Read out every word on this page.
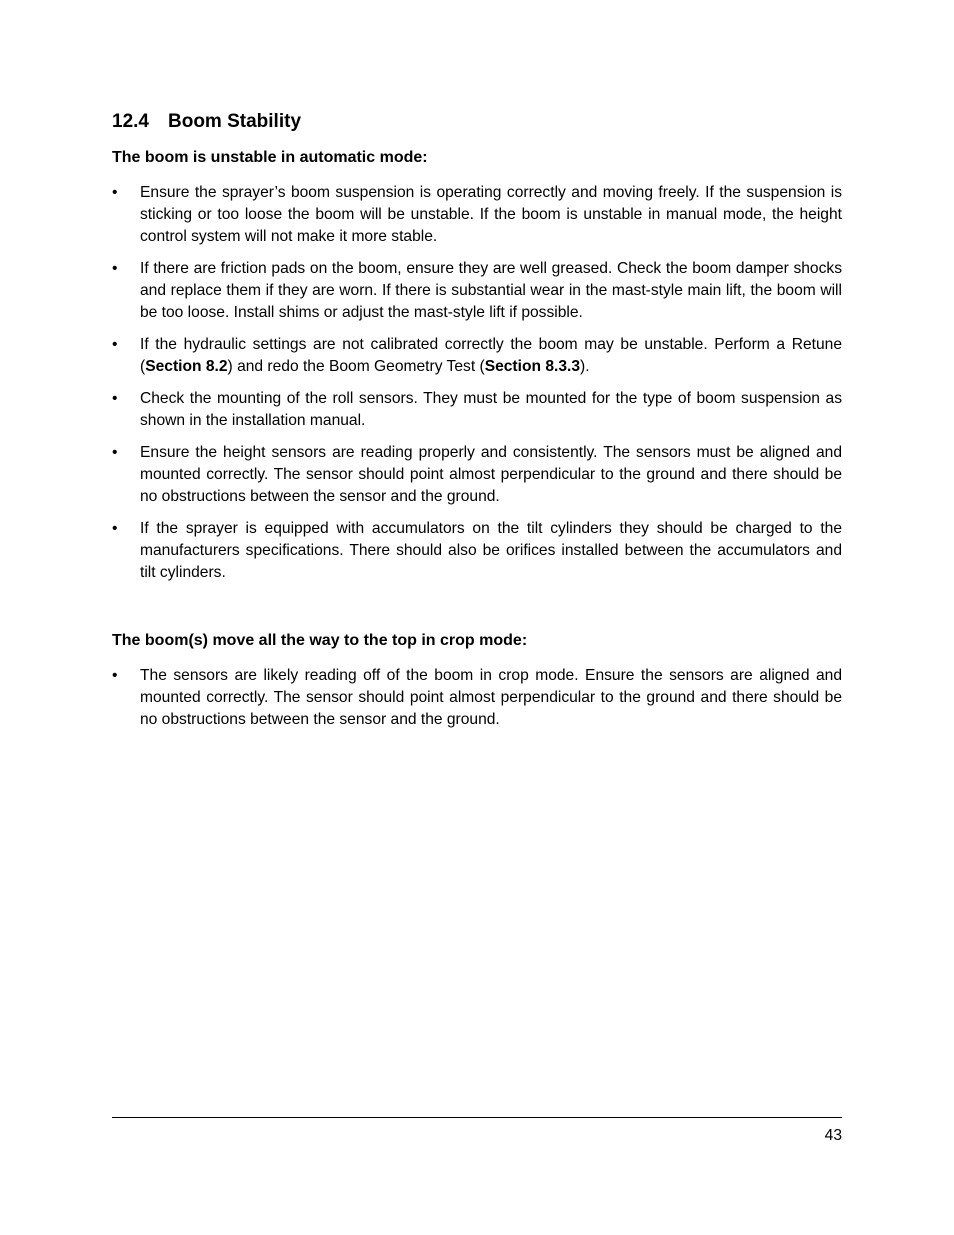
12.4 Boom Stability

The boom is unstable in automatic mode:

• Ensure the sprayer’s boom suspension is operating correctly and moving freely. If the suspension is sticking or too loose the boom will be unstable. If the boom is unstable in manual mode, the height control system will not make it more stable.
• If there are friction pads on the boom, ensure they are well greased. Check the boom damper shocks and replace them if they are worn. If there is substantial wear in the mast-style main lift, the boom will be too loose. Install shims or adjust the mast-style lift if possible.
• If the hydraulic settings are not calibrated correctly the boom may be unstable. Perform a Retune (Section 8.2) and redo the Boom Geometry Test (Section 8.3.3).
• Check the mounting of the roll sensors. They must be mounted for the type of boom suspension as shown in the installation manual.
• Ensure the height sensors are reading properly and consistently. The sensors must be aligned and mounted correctly. The sensor should point almost perpendicular to the ground and there should be no obstructions between the sensor and the ground.
• If the sprayer is equipped with accumulators on the tilt cylinders they should be charged to the manufacturers specifications. There should also be orifices installed between the accumulators and tilt cylinders.

The boom(s) move all the way to the top in crop mode:

• The sensors are likely reading off of the boom in crop mode. Ensure the sensors are aligned and mounted correctly. The sensor should point almost perpendicular to the ground and there should be no obstructions between the sensor and the ground.
43
